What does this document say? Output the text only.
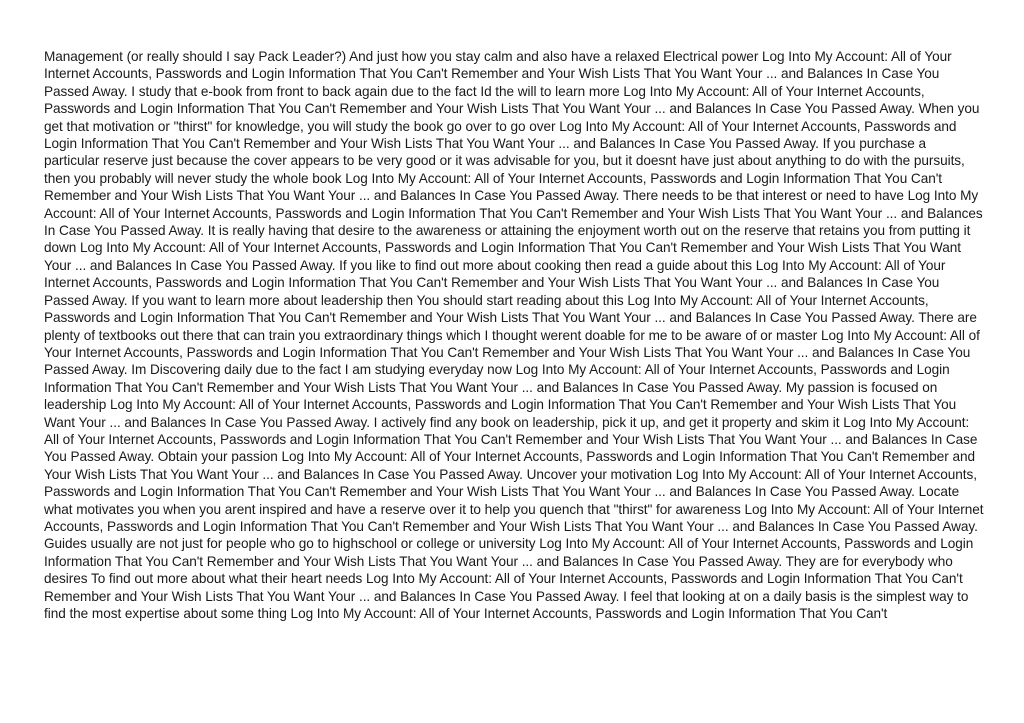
Management (or really should I say Pack Leader?) And just how you stay calm and also have a relaxed Electrical power Log Into My Account: All of Your Internet Accounts, Passwords and Login Information That You Can't Remember and Your Wish Lists That You Want Your ... and Balances In Case You Passed Away. I study that e-book from front to back again due to the fact Id the will to learn more Log Into My Account: All of Your Internet Accounts, Passwords and Login Information That You Can't Remember and Your Wish Lists That You Want Your ... and Balances In Case You Passed Away. When you get that motivation or "thirst" for knowledge, you will study the book go over to go over Log Into My Account: All of Your Internet Accounts, Passwords and Login Information That You Can't Remember and Your Wish Lists That You Want Your ... and Balances In Case You Passed Away. If you purchase a particular reserve just because the cover appears to be very good or it was advisable for you, but it doesnt have just about anything to do with the pursuits, then you probably will never study the whole book Log Into My Account: All of Your Internet Accounts, Passwords and Login Information That You Can't Remember and Your Wish Lists That You Want Your ... and Balances In Case You Passed Away. There needs to be that interest or need to have Log Into My Account: All of Your Internet Accounts, Passwords and Login Information That You Can't Remember and Your Wish Lists That You Want Your ... and Balances In Case You Passed Away. It is really having that desire to the awareness or attaining the enjoyment worth out on the reserve that retains you from putting it down Log Into My Account: All of Your Internet Accounts, Passwords and Login Information That You Can't Remember and Your Wish Lists That You Want Your ... and Balances In Case You Passed Away. If you like to find out more about cooking then read a guide about this Log Into My Account: All of Your Internet Accounts, Passwords and Login Information That You Can't Remember and Your Wish Lists That You Want Your ... and Balances In Case You Passed Away. If you want to learn more about leadership then You should start reading about this Log Into My Account: All of Your Internet Accounts, Passwords and Login Information That You Can't Remember and Your Wish Lists That You Want Your ... and Balances In Case You Passed Away. There are plenty of textbooks out there that can train you extraordinary things which I thought werent doable for me to be aware of or master Log Into My Account: All of Your Internet Accounts, Passwords and Login Information That You Can't Remember and Your Wish Lists That You Want Your ... and Balances In Case You Passed Away. Im Discovering daily due to the fact I am studying everyday now Log Into My Account: All of Your Internet Accounts, Passwords and Login Information That You Can't Remember and Your Wish Lists That You Want Your ... and Balances In Case You Passed Away. My passion is focused on leadership Log Into My Account: All of Your Internet Accounts, Passwords and Login Information That You Can't Remember and Your Wish Lists That You Want Your ... and Balances In Case You Passed Away. I actively find any book on leadership, pick it up, and get it property and skim it Log Into My Account: All of Your Internet Accounts, Passwords and Login Information That You Can't Remember and Your Wish Lists That You Want Your ... and Balances In Case You Passed Away. Obtain your passion Log Into My Account: All of Your Internet Accounts, Passwords and Login Information That You Can't Remember and Your Wish Lists That You Want Your ... and Balances In Case You Passed Away. Uncover your motivation Log Into My Account: All of Your Internet Accounts, Passwords and Login Information That You Can't Remember and Your Wish Lists That You Want Your ... and Balances In Case You Passed Away. Locate what motivates you when you arent inspired and have a reserve over it to help you quench that "thirst" for awareness Log Into My Account: All of Your Internet Accounts, Passwords and Login Information That You Can't Remember and Your Wish Lists That You Want Your ... and Balances In Case You Passed Away. Guides usually are not just for people who go to highschool or college or university Log Into My Account: All of Your Internet Accounts, Passwords and Login Information That You Can't Remember and Your Wish Lists That You Want Your ... and Balances In Case You Passed Away. They are for everybody who desires To find out more about what their heart needs Log Into My Account: All of Your Internet Accounts, Passwords and Login Information That You Can't Remember and Your Wish Lists That You Want Your ... and Balances In Case You Passed Away. I feel that looking at on a daily basis is the simplest way to find the most expertise about some thing Log Into My Account: All of Your Internet Accounts, Passwords and Login Information That You Can't
